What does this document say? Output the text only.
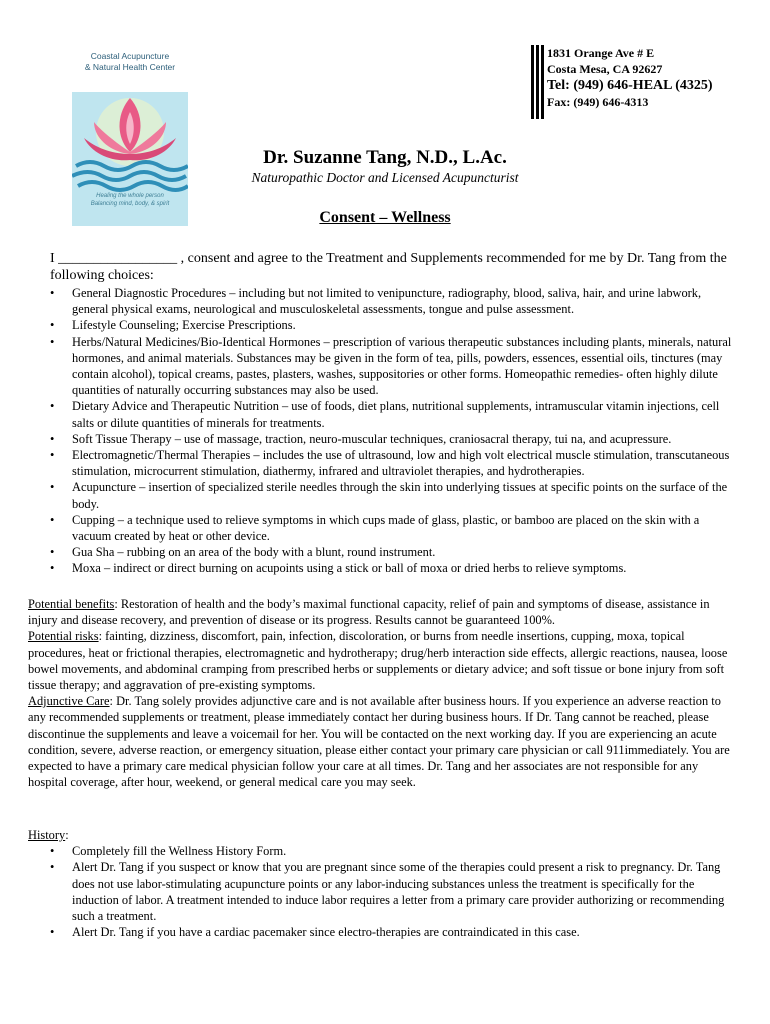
Coastal Acupuncture
& Natural Health Center
Healing the whole person
Balancing mind, body, & spirit
1831 Orange Ave # E
Costa Mesa, CA 92627
Tel: (949) 646-HEAL (4325)
Fax: (949) 646-4313
Dr. Suzanne Tang, N.D., L.Ac.
Naturopathic Doctor and Licensed Acupuncturist
Consent – Wellness
I _________________ , consent and agree to the Treatment and Supplements recommended for me by Dr. Tang from the following choices:
• General Diagnostic Procedures – including but not limited to venipuncture, radiography, blood, saliva, hair, and urine labwork, general physical exams, neurological and musculoskeletal assessments, tongue and pulse assessment.
• Lifestyle Counseling; Exercise Prescriptions.
• Herbs/Natural Medicines/Bio-Identical Hormones – prescription of various therapeutic substances including plants, minerals, natural hormones, and animal materials. Substances may be given in the form of tea, pills, powders, essences, essential oils, tinctures (may contain alcohol), topical creams, pastes, plasters, washes, suppositories or other forms. Homeopathic remedies- often highly dilute quantities of naturally occurring substances may also be used.
• Dietary Advice and Therapeutic Nutrition – use of foods, diet plans, nutritional supplements, intramuscular vitamin injections, cell salts or dilute quantities of minerals for treatments.
• Soft Tissue Therapy – use of massage, traction, neuro-muscular techniques, craniosacral therapy, tui na, and acupressure.
• Electromagnetic/Thermal Therapies – includes the use of ultrasound, low and high volt electrical muscle stimulation, transcutaneous stimulation, microcurrent stimulation, diathermy, infrared and ultraviolet therapies, and hydrotherapies.
• Acupuncture – insertion of specialized sterile needles through the skin into underlying tissues at specific points on the surface of the body.
• Cupping – a technique used to relieve symptoms in which cups made of glass, plastic, or bamboo are placed on the skin with a vacuum created by heat or other device.
• Gua Sha – rubbing on an area of the body with a blunt, round instrument.
• Moxa – indirect or direct burning on acupoints using a stick or ball of moxa or dried herbs to relieve symptoms.

Potential benefits: Restoration of health and the body’s maximal functional capacity, relief of pain and symptoms of disease, assistance in injury and disease recovery, and prevention of disease or its progress. Results cannot be guaranteed 100%.

Potential risks: fainting, dizziness, discomfort, pain, infection, discoloration, or burns from needle insertions, cupping, moxa, topical procedures, heat or frictional therapies, electromagnetic and hydrotherapy; drug/herb interaction side effects, allergic reactions, nausea, loose bowel movements, and abdominal cramping from prescribed herbs or supplements or dietary advice; and soft tissue or bone injury from soft tissue therapy; and aggravation of pre-existing symptoms.

Adjunctive Care: Dr. Tang solely provides adjunctive care and is not available after business hours. If you experience an adverse reaction to any recommended supplements or treatment, please immediately contact her during business hours. If Dr. Tang cannot be reached, please discontinue the supplements and leave a voicemail for her. You will be contacted on the next working day. If you are experiencing an acute condition, severe, adverse reaction, or emergency situation, please either contact your primary care physician or call 911immediately. You are expected to have a primary care medical physician follow your care at all times. Dr. Tang and her associates are not responsible for any hospital coverage, after hour, weekend, or general medical care you may seek.

History:

• Completely fill the Wellness History Form.
• Alert Dr. Tang if you suspect or know that you are pregnant since some of the therapies could present a risk to pregnancy. Dr. Tang does not use labor-stimulating acupuncture points or any labor-inducing substances unless the treatment is specifically for the induction of labor. A treatment intended to induce labor requires a letter from a primary care provider authorizing or recommending such a treatment.
• Alert Dr. Tang if you have a cardiac pacemaker since electro-therapies are contraindicated in this case.
